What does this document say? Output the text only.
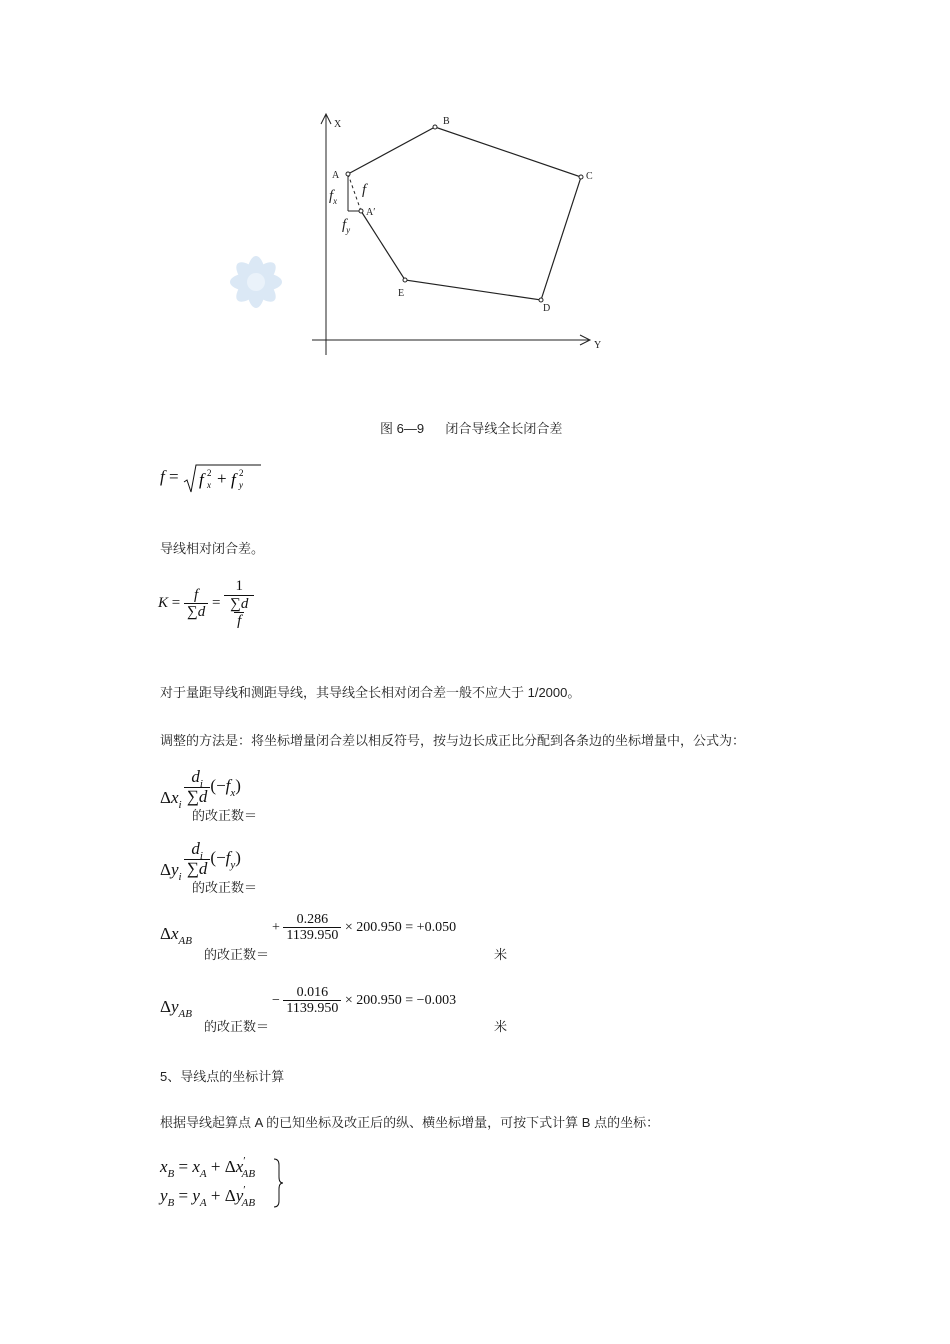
X
Y
A
B
C
D
E
A′
$f_x$
f
$f_y$
图 6—9 闭合导线全长闭合差
f = f x
2 + f y
2
导线相对闭合差。
$K = \frac{f}{\sum d} = \frac{1}{\frac{\sum d}{f}}$
对于量距导线和测距导线，其导线全长相对闭合差一般不应大于 1/2000。
调整的方法是：将坐标增量闭合差以相反符号，按与边长成正比分配到各条边的坐标增量中，公式为：
$\Delta x_i \frac{d_i}{\sum d} (-f_x)$
的改正数＝
$\Delta y_i \frac{d_i}{\sum d} (-f_y)$
的改正数＝
$\Delta x_{AB}$
的改正数＝
+ $\frac{0.286}{1139.950} \times 200.950 = +0.050$
米
$\Delta y_{AB}$
的改正数＝
− $\frac{0.016}{1139.950} \times 200.950 = -0.003$
米
5、导线点的坐标计算
根据导线起算点 A 的已知坐标及改正后的纵、横坐标增量，可按下式计算 B 点的坐标：
$x_B = x_A + \Delta x'_{AB}$
$y_B = y_A + \Delta y'_{AB}$
